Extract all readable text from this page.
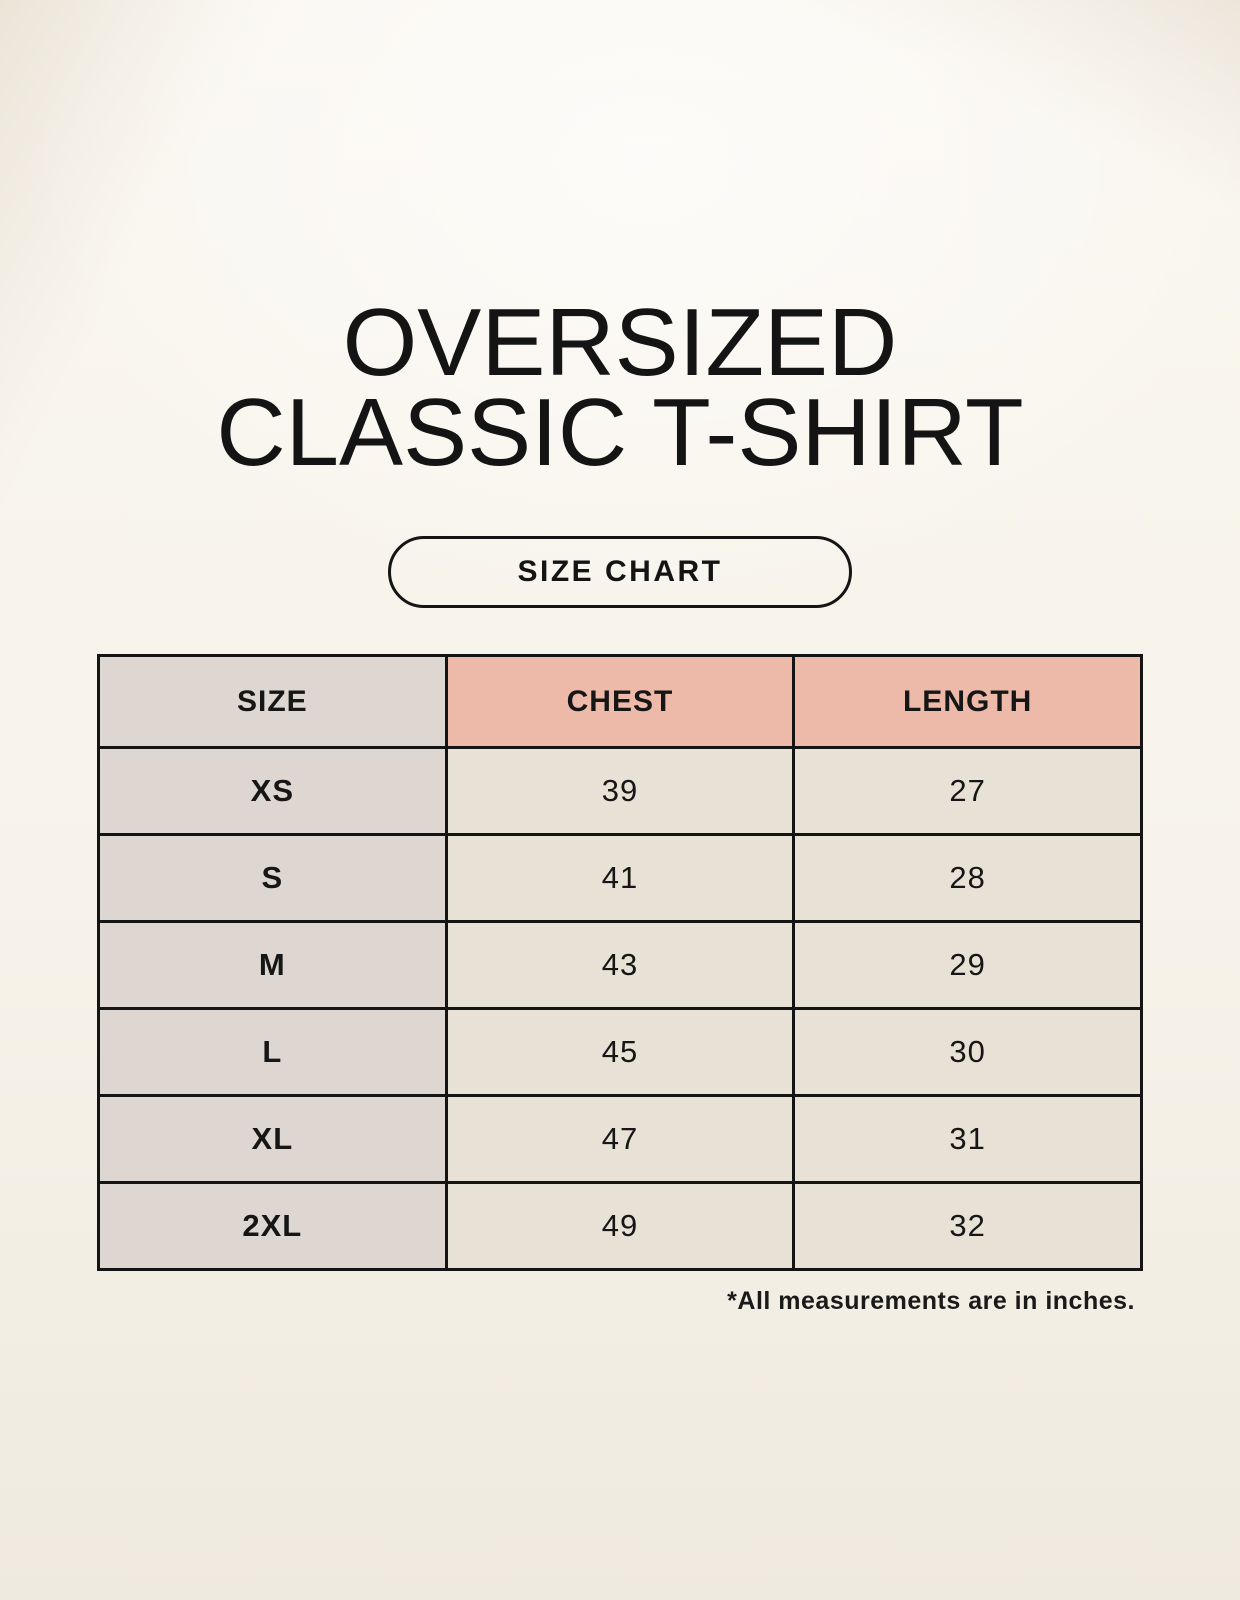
OVERSIZED
CLASSIC T-SHIRT
SIZE CHART
SIZE	CHEST	LENGTH
XS	39	27
S	41	28
M	43	29
L	45	30
XL	47	31
2XL	49	32
*All measurements are in inches.
